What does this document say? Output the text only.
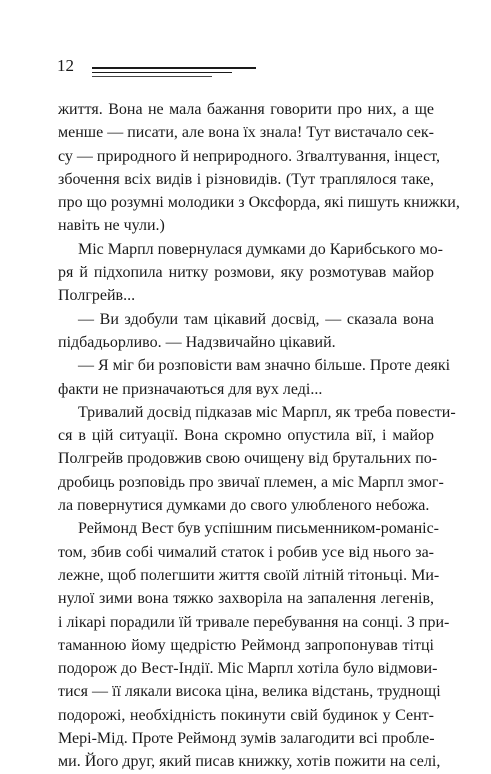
12
життя. Вона не мала бажання говорити про них, а ще
менше — писати, але вона їх знала! Тут вистачало сек-
су — природного й неприродного. Зґвалтування, інцест,
збочення всіх видів і різновидів. (Тут траплялося таке,
про що розумні молодики з Оксфорда, які пишуть книжки,
навіть не чули.)
Міс Марпл повернулася думками до Карибського мо-
ря й підхопила нитку розмови, яку розмотував майор
Полгрейв...
— Ви здобули там цікавий досвід, — сказала вона
підбадьорливо. — Надзвичайно цікавий.
— Я міг би розповісти вам значно більше. Проте деякі
факти не призначаються для вух леді...
Тривалий досвід підказав міс Марпл, як треба повести-
ся в цій ситуації. Вона скромно опустила вії, і майор
Полгрейв продовжив свою очищену від брутальних по-
дробиць розповідь про звичаї племен, а міс Марпл змог-
ла повернутися думками до свого улюбленого небожа.
Реймонд Вест був успішним письменником-романіс-
том, збив собі чималий статок і робив усе від нього за-
лежне, щоб полегшити життя своїй літній тітоньці. Ми-
нулої зими вона тяжко захворіла на запалення легенів,
і лікарі порадили їй тривале перебування на сонці. З при-
таманною йому щедрістю Реймонд запропонував тітці
подорож до Вест-Індії. Міс Марпл хотіла було відмови-
тися — її лякали висока ціна, велика відстань, труднощі
подорожі, необхідність покинути свій будинок у Сент-
Мері-Мід. Проте Реймонд зумів залагодити всі пробле-
ми. Його друг, який писав книжку, хотів пожити на селі,
